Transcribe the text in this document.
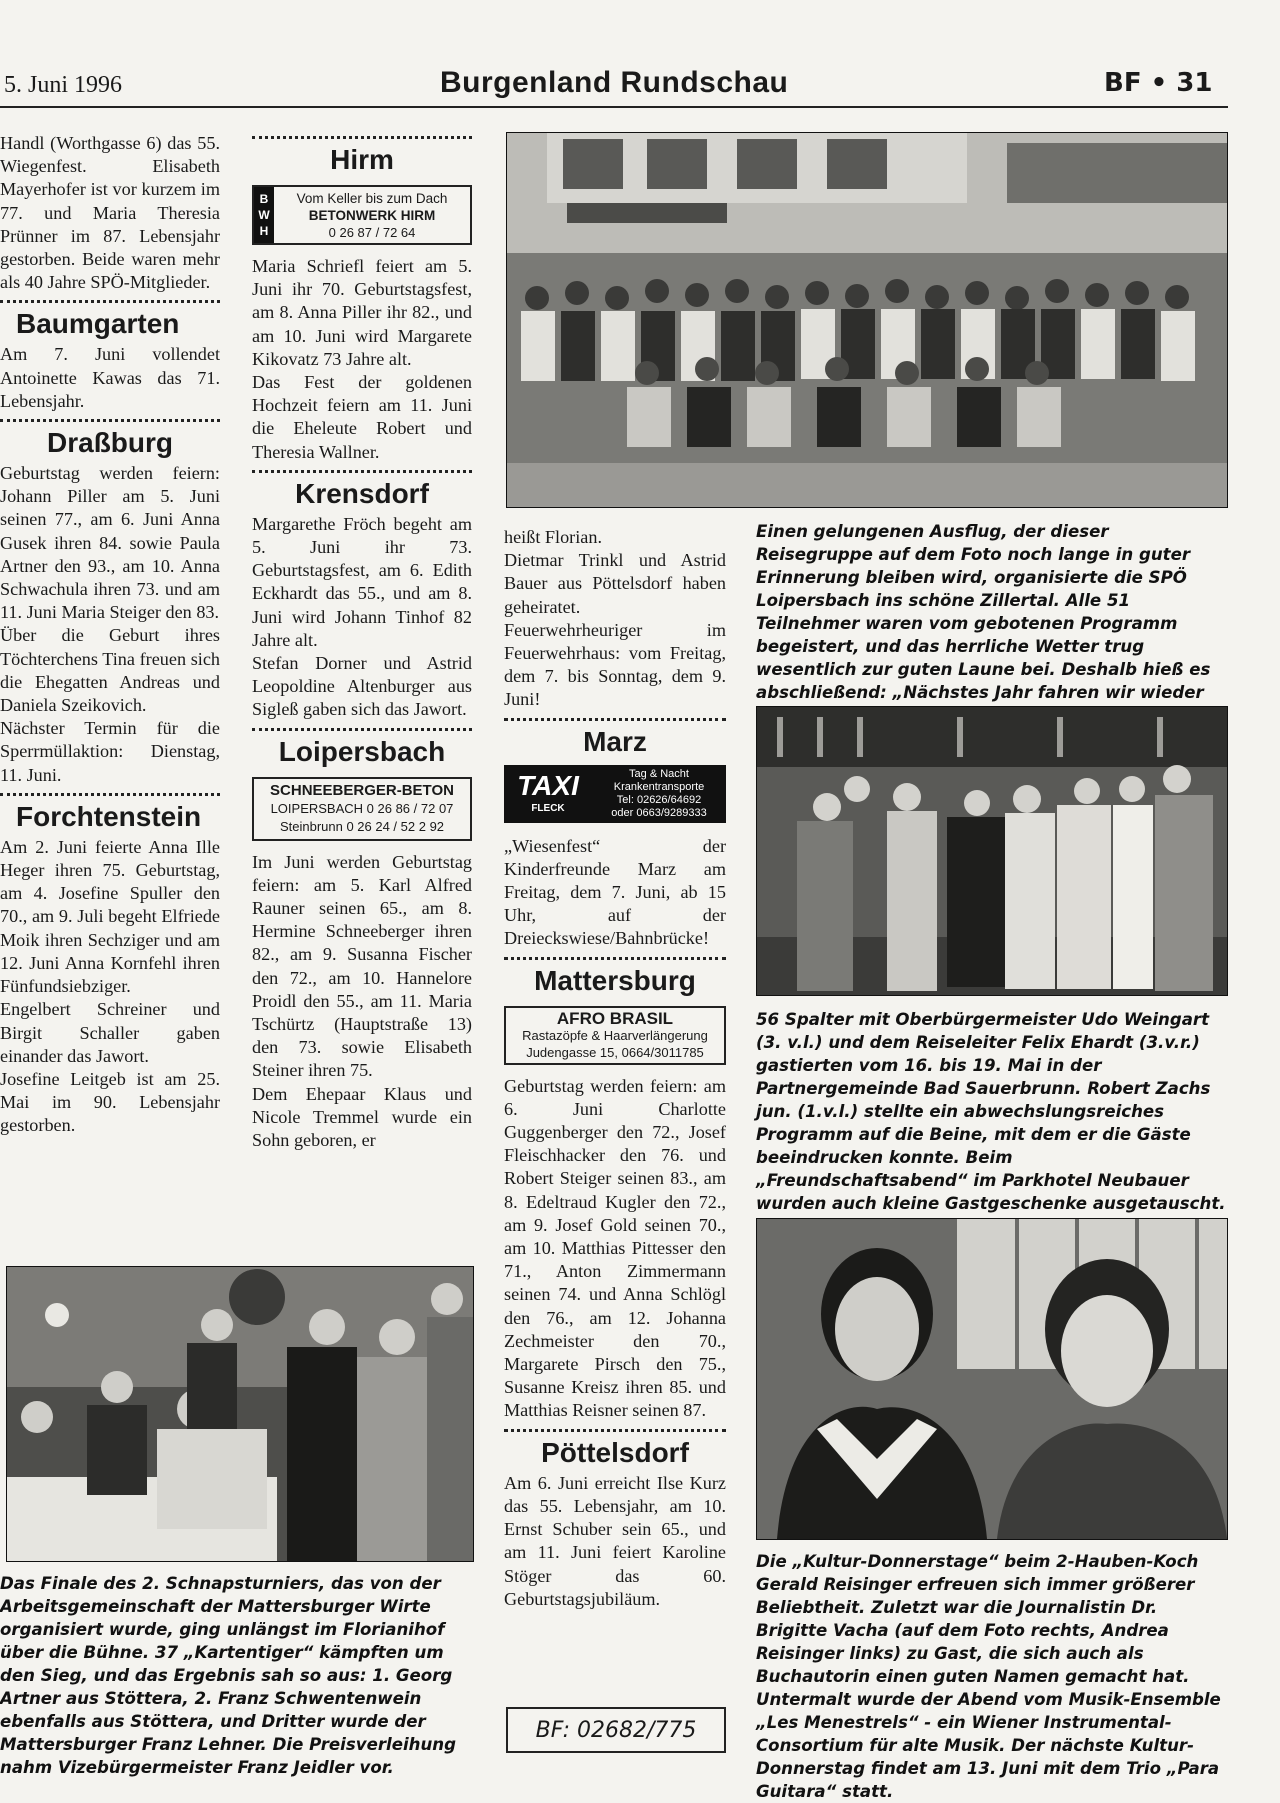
5. Juni 1996	Burgenland Rundschau	BF • 31

Handl (Worthgasse 6) das 55. Wiegenfest. Elisabeth Mayerhofer ist vor kurzem im 77. und Maria Theresia Prünner im 87. Lebensjahr gestorben. Beide waren mehr als 40 Jahre SPÖ-Mitglieder.

Baumgarten

Am 7. Juni vollendet Antoinette Kawas das 71. Lebensjahr.

Draßburg

Geburtstag werden feiern: Johann Piller am 5. Juni seinen 77., am 6. Juni Anna Gusek ihren 84. sowie Paula Artner den 93., am 10. Anna Schwachula ihren 73. und am 11. Juni Maria Steiger den 83.

Über die Geburt ihres Töchterchens Tina freuen sich die Ehegatten Andreas und Daniela Szeikovich.

Nächster Termin für die Sperrmüllaktion: Dienstag, 11. Juni.

Forchtenstein

Am 2. Juni feierte Anna Ille Heger ihren 75. Geburtstag, am 4. Josefine Spuller den 70., am 9. Juli begeht Elfriede Moik ihren Sechziger und am 12. Juni Anna Kornfehl ihren Fünfundsiebziger.

Engelbert Schreiner und Birgit Schaller gaben einander das Jawort.

Josefine Leitgeb ist am 25. Mai im 90. Lebensjahr gestorben.

Hirm
B
W
H
Vom Keller bis zum Dach
BETONWERK HIRM
0 26 87 / 72 64

Maria Schriefl feiert am 5. Juni ihr 70. Geburtstagsfest, am 8. Anna Piller ihr 82., und am 10. Juni wird Margarete Kikovatz 73 Jahre alt.

Das Fest der goldenen Hochzeit feiern am 11. Juni die Eheleute Robert und Theresia Wallner.

Krensdorf

Margarethe Fröch begeht am 5. Juni ihr 73. Geburtstagsfest, am 6. Edith Eckhardt das 55., und am 8. Juni wird Johann Tinhof 82 Jahre alt.

Stefan Dorner und Astrid Leopoldine Altenburger aus Sigleß gaben sich das Jawort.

Loipersbach
SCHNEEBERGER-BETON
LOIPERSBACH 0 26 86 / 72 07
Steinbrunn 0 26 24 / 52 2 92

Im Juni werden Geburtstag feiern: am 5. Karl Alfred Rauner seinen 65., am 8. Hermine Schneeberger ihren 82., am 9. Susanna Fischer den 72., am 10. Hannelore Proidl den 55., am 11. Maria Tschürtz (Hauptstraße 13) den 73. sowie Elisabeth Steiner ihren 75.

Dem Ehepaar Klaus und Nicole Tremmel wurde ein Sohn geboren, er

heißt Florian.

Dietmar Trinkl und Astrid Bauer aus Pöttelsdorf haben geheiratet.

Feuerwehrheuriger im Feuerwehrhaus: vom Freitag, dem 7. bis Sonntag, dem 9. Juni!

Marz
TAXI
FLECK
Tag & Nacht
Krankentransporte
Tel: 02626/64692
oder 0663/9289333

„Wiesenfest“ der Kinderfreunde Marz am Freitag, dem 7. Juni, ab 15 Uhr, auf der Dreieckswiese/Bahnbrücke!

Mattersburg
AFRO BRASIL
Rastazöpfe & Haarverlängerung
Judengasse 15, 0664/3011785

Geburtstag werden feiern: am 6. Juni Charlotte Guggenberger den 72., Josef Fleischhacker den 76. und Robert Steiger seinen 83., am 8. Edeltraud Kugler den 72., am 9. Josef Gold seinen 70., am 10. Matthias Pittesser den 71., Anton Zimmermann seinen 74. und Anna Schlögl den 76., am 12. Johanna Zechmeister den 70., Margarete Pirsch den 75., Susanne Kreisz ihren 85. und Matthias Reisner seinen 87.

Pöttelsdorf

Am 6. Juni erreicht Ilse Kurz das 55. Lebensjahr, am 10. Ernst Schuber sein 65., und am 11. Juni feiert Karoline Stöger das 60. Geburtstagsjubiläum.

BF: 02682/775
Einen gelungenen Ausflug, der dieser Reisegruppe auf dem Foto noch lange in guter Erinnerung bleiben wird, organisierte die SPÖ Loipersbach ins schöne Zillertal. Alle 51 Teilnehmer waren vom gebotenen Programm begeistert, und das herrliche Wetter trug wesentlich zur guten Laune bei. Deshalb hieß es abschließend: „Nächstes Jahr fahren wir wieder
56 Spalter mit Oberbürgermeister Udo Weingart (3. v.l.) und dem Reiseleiter Felix Ehardt (3.v.r.) gastierten vom 16. bis 19. Mai in der Partnergemeinde Bad Sauerbrunn. Robert Zachs jun. (1.v.l.) stellte ein abwechslungsreiches Programm auf die Beine, mit dem er die Gäste beeindrucken konnte. Beim „Freundschaftsabend“ im Parkhotel Neubauer wurden auch kleine Gastgeschenke ausgetauscht.
Die „Kultur-Donnerstage“ beim 2-Hauben-Koch Gerald Reisinger erfreuen sich immer größerer Beliebtheit. Zuletzt war die Journalistin Dr. Brigitte Vacha (auf dem Foto rechts, Andrea Reisinger links) zu Gast, die sich auch als Buchautorin einen guten Namen gemacht hat. Untermalt wurde der Abend vom Musik-Ensemble „Les Menestrels“ - ein Wiener Instrumental-Consortium für alte Musik. Der nächste Kultur-Donnerstag findet am 13. Juni mit dem Trio „Para Guitara“ statt.
Das Finale des 2. Schnapsturniers, das von der Arbeitsgemeinschaft der Mattersburger Wirte organisiert wurde, ging unlängst im Florianihof über die Bühne. 37 „Kartentiger“ kämpften um den Sieg, und das Ergebnis sah so aus: 1. Georg Artner aus Stöttera, 2. Franz Schwentenwein ebenfalls aus Stöttera, und Dritter wurde der Mattersburger Franz Lehner. Die Preisverleihung nahm Vizebürgermeister Franz Jeidler vor.
